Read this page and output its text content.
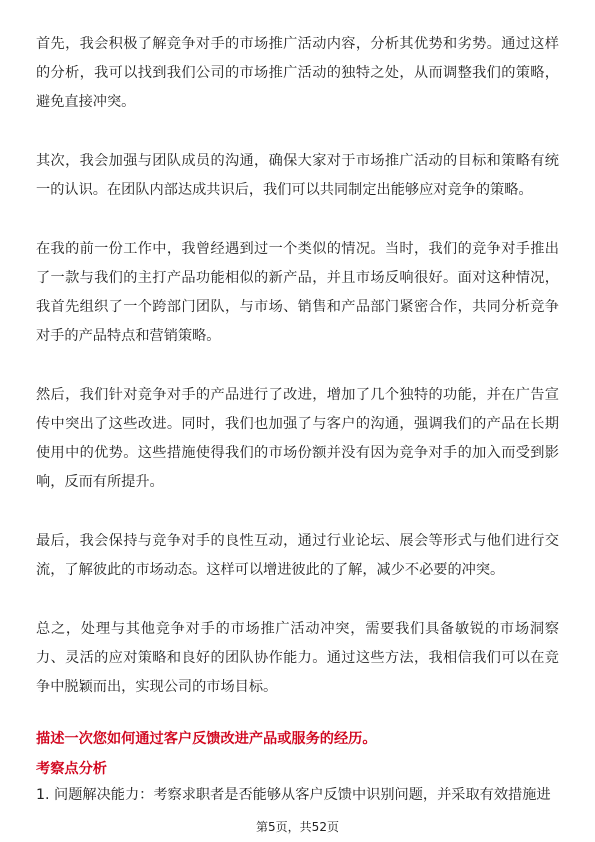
首先，我会积极了解竞争对手的市场推广活动内容，分析其优势和劣势。通过这样的分析，我可以找到我们公司的市场推广活动的独特之处，从而调整我们的策略，避免直接冲突。

其次，我会加强与团队成员的沟通，确保大家对于市场推广活动的目标和策略有统一的认识。在团队内部达成共识后，我们可以共同制定出能够应对竞争的策略。

在我的前一份工作中，我曾经遇到过一个类似的情况。当时，我们的竞争对手推出了一款与我们的主打产品功能相似的新产品，并且市场反响很好。面对这种情况，我首先组织了一个跨部门团队，与市场、销售和产品部门紧密合作，共同分析竞争对手的产品特点和营销策略。

然后，我们针对竞争对手的产品进行了改进，增加了几个独特的功能，并在广告宣传中突出了这些改进。同时，我们也加强了与客户的沟通，强调我们的产品在长期使用中的优势。这些措施使得我们的市场份额并没有因为竞争对手的加入而受到影响，反而有所提升。

最后，我会保持与竞争对手的良性互动，通过行业论坛、展会等形式与他们进行交流，了解彼此的市场动态。这样可以增进彼此的了解，减少不必要的冲突。

总之，处理与其他竞争对手的市场推广活动冲突，需要我们具备敏锐的市场洞察力、灵活的应对策略和良好的团队协作能力。通过这些方法，我相信我们可以在竞争中脱颖而出，实现公司的市场目标。

描述一次您如何通过客户反馈改进产品或服务的经历。
考察点分析
1. 问题解决能力：考察求职者是否能够从客户反馈中识别问题，并采取有效措施进
第5页，共52页
